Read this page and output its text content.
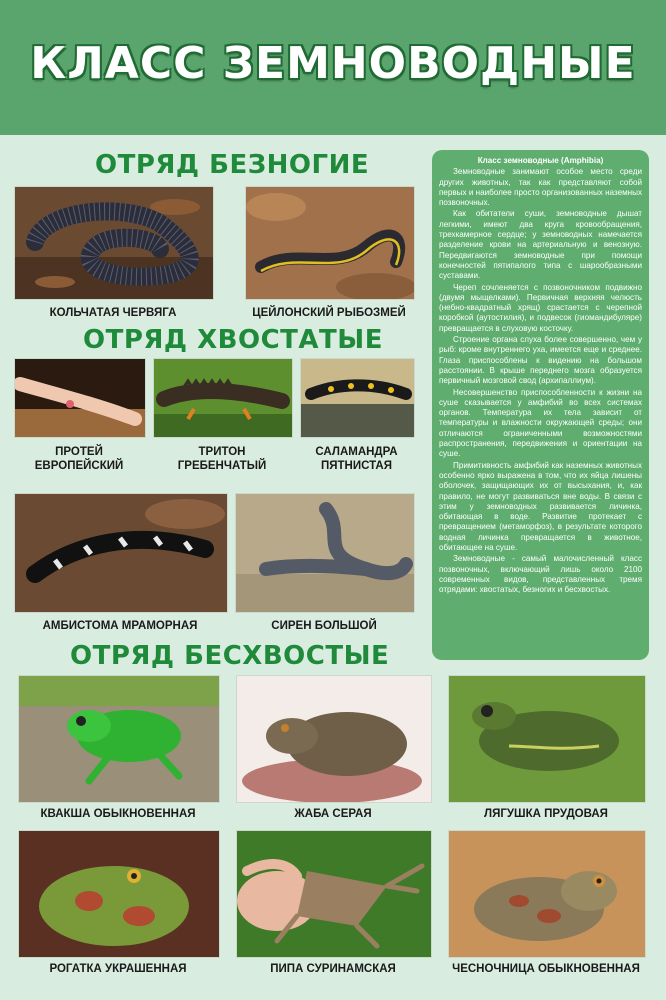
КЛАСС ЗЕМНОВОДНЫЕ
ОТРЯД БЕЗНОГИЕ
КОЛЬЧАТАЯ ЧЕРВЯГА	ЦЕЙЛОНСКИЙ РЫБОЗМЕЙ
ОТРЯД ХВОСТАТЫЕ
ПРОТЕЙ ЕВРОПЕЙСКИЙ
ТРИТОН ГРЕБЕНЧАТЫЙ
САЛАМАНДРА ПЯТНИСТАЯ
АМБИСТОМА МРАМОРНАЯ	СИРЕН БОЛЬШОЙ

Класс земноводные (Amphibia)

Земноводные занимают особое место среди других животных, так как представляют собой первых и наиболее просто организованных наземных позвоночных.

Как обитатели суши, земноводные дышат легкими, имеют два круга кровообращения, трехкамерное сердце; у земноводных намечается разделение крови на артериальную и венозную. Передвигаются земноводные при помощи конечностей пятипалого типа с шарообразными суставами.

Череп сочленяется с позвоночником подвижно (двумя мыщелками). Первичная верхняя челюсть (небно-квадратный хрящ) срастается с черепной коробкой (аутостилия), и подвесок (гиомандибуляре) превращается в слуховую косточку.

Строение органа слуха более совершенно, чем у рыб: кроме внутреннего уха, имеется еще и среднее. Глаза приспособлены к видению на большом расстоянии. В крыше переднего мозга образуется первичный мозговой свод (архипаллиум).

Несовершенство приспособленности к жизни на суше сказывается у амфибий во всех системах органов. Температура их тела зависит от температуры и влажности окружающей среды; они отличаются ограниченными возможностями распространения, передвижения и ориентации на суше.

Примитивность амфибий как наземных животных особенно ярко выражена в том, что их яйца лишены оболочек, защищающих их от высыхания, и, как правило, не могут развиваться вне воды. В связи с этим у земноводных развивается личинка, обитающая в воде. Развитие протекает с превращением (метаморфоз), в результате которого водная личинка превращается в животное, обитающее на суше.

Земноводные - самый малочисленный класс позвоночных, включающий лишь около 2100 современных видов, представленных тремя отрядами: хвостатых, безногих и бесхвостых.

ОТРЯД БЕСХВОСТЫЕ
КВАКША ОБЫКНОВЕННАЯ	ЖАБА СЕРАЯ	ЛЯГУШКА ПРУДОВАЯ
РОГАТКА УКРАШЕННАЯ	ПИПА СУРИНАМСКАЯ	ЧЕСНОЧНИЦА ОБЫКНОВЕННАЯ
